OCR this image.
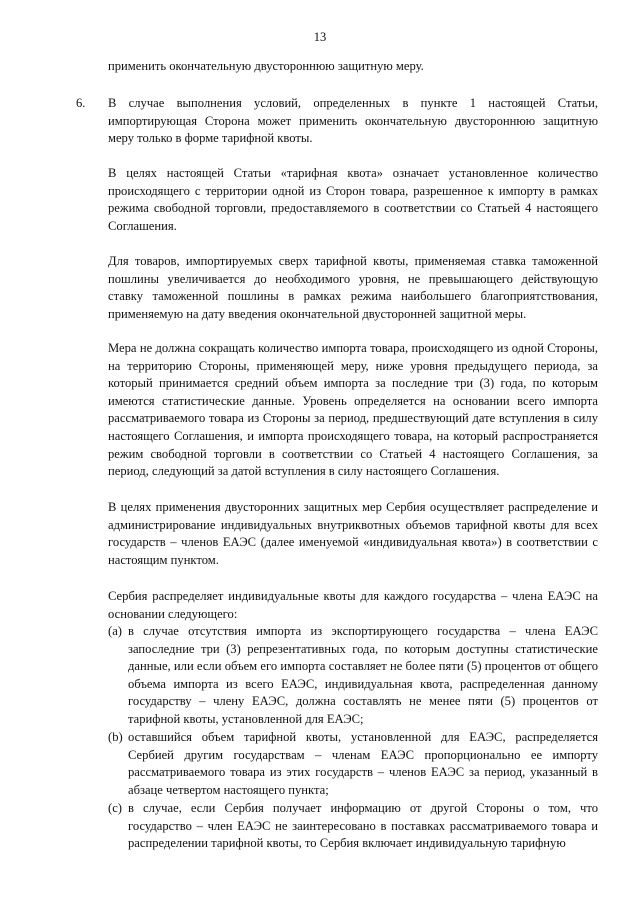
13

применить окончательную двустороннюю защитную меру.

6. В случае выполнения условий, определенных в пункте 1 настоящей Статьи, импортирующая Сторона может применить окончательную двустороннюю защитную меру только в форме тарифной квоты.

В целях настоящей Статьи «тарифная квота» означает установленное количество происходящего с территории одной из Сторон товара, разрешенное к импорту в рамках режима свободной торговли, предоставляемого в соответствии со Статьей 4 настоящего Соглашения.

Для товаров, импортируемых сверх тарифной квоты, применяемая ставка таможенной пошлины увеличивается до необходимого уровня, не превышающего действующую ставку таможенной пошлины в рамках режима наибольшего благоприятствования, применяемую на дату введения окончательной двусторонней защитной меры.

Мера не должна сокращать количество импорта товара, происходящего из одной Стороны, на территорию Стороны, применяющей меру, ниже уровня предыдущего периода, за который принимается средний объем импорта за последние три (3) года, по которым имеются статистические данные. Уровень определяется на основании всего импорта рассматриваемого товара из Стороны за период, предшествующий дате вступления в силу настоящего Соглашения, и импорта происходящего товара, на который распространяется режим свободной торговли в соответствии со Статьей 4 настоящего Соглашения, за период, следующий за датой вступления в силу настоящего Соглашения.

В целях применения двусторонних защитных мер Сербия осуществляет распределение и администрирование индивидуальных внутриквотных объемов тарифной квоты для всех государств – членов ЕАЭС (далее именуемой «индивидуальная квота») в соответствии с настоящим пунктом.

Сербия распределяет индивидуальные квоты для каждого государства – члена ЕАЭС на основании следующего:

(a) в случае отсутствия импорта из экспортирующего государства – члена ЕАЭС запоследние три (3) репрезентативных года, по которым доступны статистические данные, или если объем его импорта составляет не более пяти (5) процентов от общего объема импорта из всего ЕАЭС, индивидуальная квота, распределенная данному государству – члену ЕАЭС, должна составлять не менее пяти (5) процентов от тарифной квоты, установленной для ЕАЭС;
(b) оставшийся объем тарифной квоты, установленной для ЕАЭС, распределяется Сербией другим государствам – членам ЕАЭС пропорционально ее импорту рассматриваемого товара из этих государств – членов ЕАЭС за период, указанный в абзаце четвертом настоящего пункта;
(c) в случае, если Сербия получает информацию от другой Стороны о том, что государство – член ЕАЭС не заинтересовано в поставках рассматриваемого товара и распределении тарифной квоты, то Сербия включает индивидуальную тарифную
